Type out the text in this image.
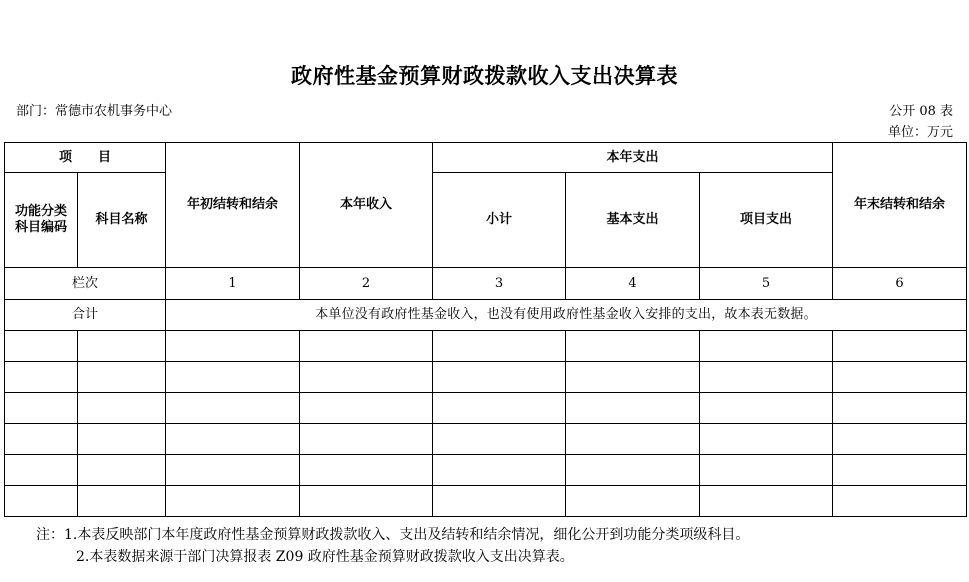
政府性基金预算财政拨款收入支出决算表
部门：常德市农机事务中心	公开 08 表
单位：万元
项　　目		年初结转和结余	本年收入	本年支出			年末结转和结余
功能分类
科目编码	科目名称			小计	基本支出	项目支出	
栏次		1	2	3	4	5	6
合计		本单位没有政府性基金收入，也没有使用政府性基金收入安排的支出，故本表无数据。					

注：1.本表反映部门本年度政府性基金预算财政拨款收入、支出及结转和结余情况，细化公开到功能分类项级科目。
2.本表数据来源于部门决算报表 Z09 政府性基金预算财政拨款收入支出决算表。
